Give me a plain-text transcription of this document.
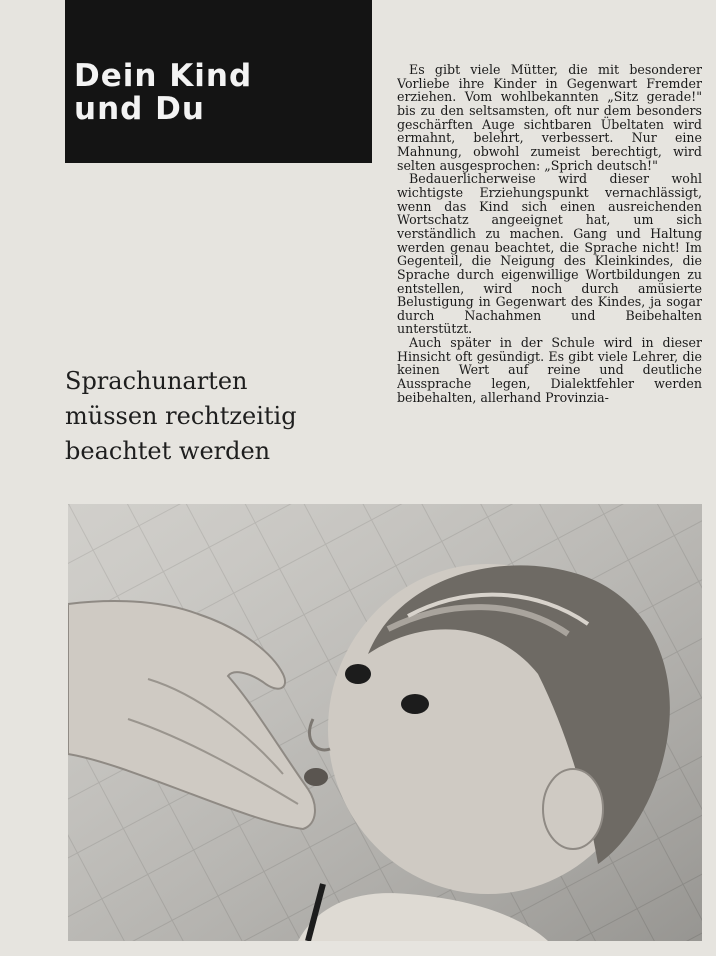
Dein Kind
und Du
Sprachunarten
müssen rechtzeitig
beachtet werden

Es gibt viele Mütter, die mit besonderer Vorliebe ihre Kinder in Gegenwart Fremder erziehen. Vom wohlbekannten „Sitz gerade!" bis zu den seltsamsten, oft nur dem besonders geschärften Auge sichtbaren Übeltaten wird ermahnt, belehrt, verbessert. Nur eine Mahnung, obwohl zumeist berechtigt, wird selten ausgesprochen: „Sprich deutsch!"

Bedauerlicherweise wird dieser wohl wichtigste Erziehungspunkt vernachlässigt, wenn das Kind sich einen ausreichenden Wortschatz angeeignet hat, um sich verständlich zu machen. Gang und Haltung werden genau beachtet, die Sprache nicht! Im Gegenteil, die Neigung des Kleinkindes, die Sprache durch eigenwillige Wortbildungen zu entstellen, wird noch durch amüsierte Belustigung in Gegenwart des Kindes, ja sogar durch Nachahmen und Beibehalten unterstützt.

Auch später in der Schule wird in dieser Hinsicht oft gesündigt. Es gibt viele Lehrer, die keinen Wert auf reine und deutliche Aussprache legen, Dialektfehler werden beibehalten, allerhand Provinzia-
